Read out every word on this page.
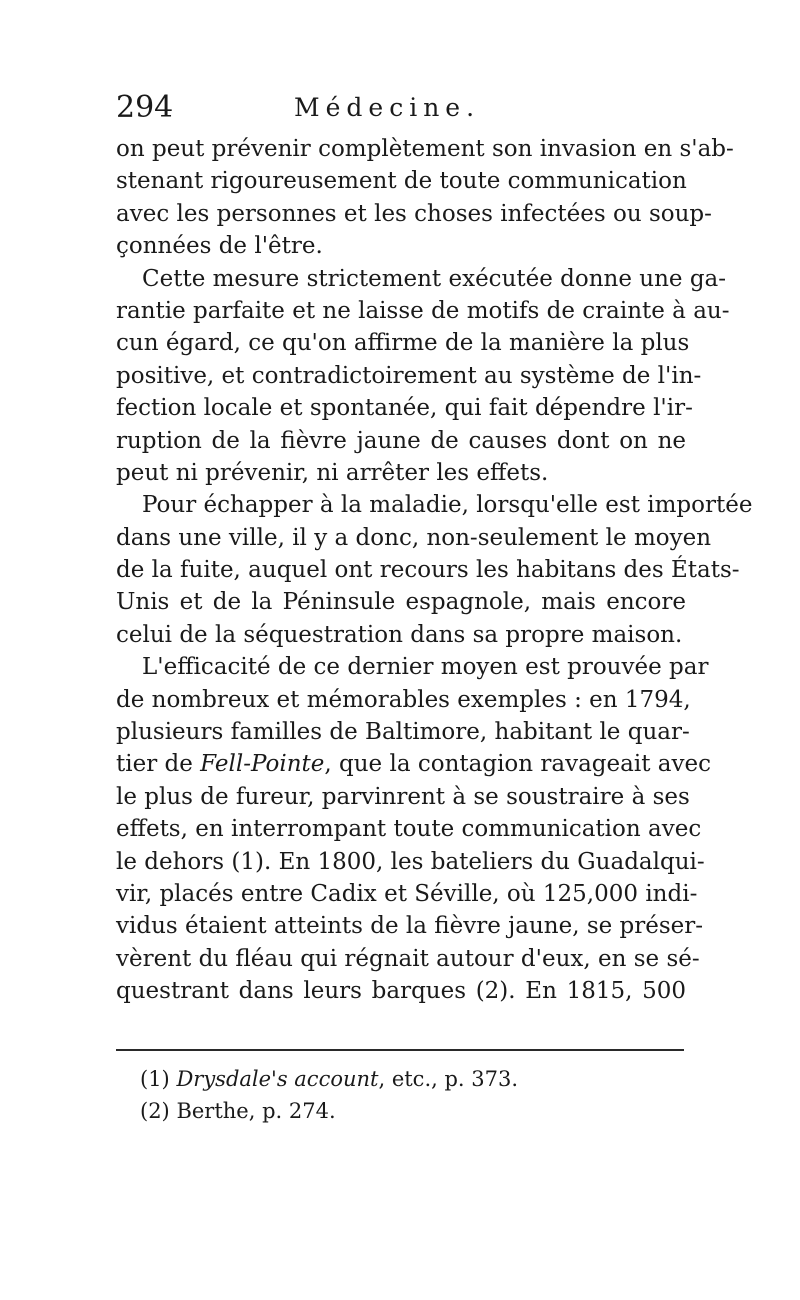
294	Médecine.
on peut prévenir complètement son invasion en s'ab-
stenant rigoureusement de toute communication
avec les personnes et les choses infectées ou soup-
çonnées de l'être.
Cette mesure strictement exécutée donne une ga-
rantie parfaite et ne laisse de motifs de crainte à au-
cun égard, ce qu'on affirme de la manière la plus
positive, et contradictoirement au système de l'in-
fection locale et spontanée, qui fait dépendre l'ir-
ruption de la fièvre jaune de causes dont on ne
peut ni prévenir, ni arrêter les effets.
Pour échapper à la maladie, lorsqu'elle est importée
dans une ville, il y a donc, non-seulement le moyen
de la fuite, auquel ont recours les habitans des États-
Unis et de la Péninsule espagnole, mais encore
celui de la séquestration dans sa propre maison.
L'efficacité de ce dernier moyen est prouvée par
de nombreux et mémorables exemples : en 1794,
plusieurs familles de Baltimore, habitant le quar-
tier de Fell-Pointe, que la contagion ravageait avec
le plus de fureur, parvinrent à se soustraire à ses
effets, en interrompant toute communication avec
le dehors (1). En 1800, les bateliers du Guadalqui-
vir, placés entre Cadix et Séville, où 125,000 indi-
vidus étaient atteints de la fièvre jaune, se préser-
vèrent du fléau qui régnait autour d'eux, en se sé-
questrant dans leurs barques (2). En 1815, 500
(1) Drysdale's account, etc., p. 373.
(2) Berthe, p. 274.
